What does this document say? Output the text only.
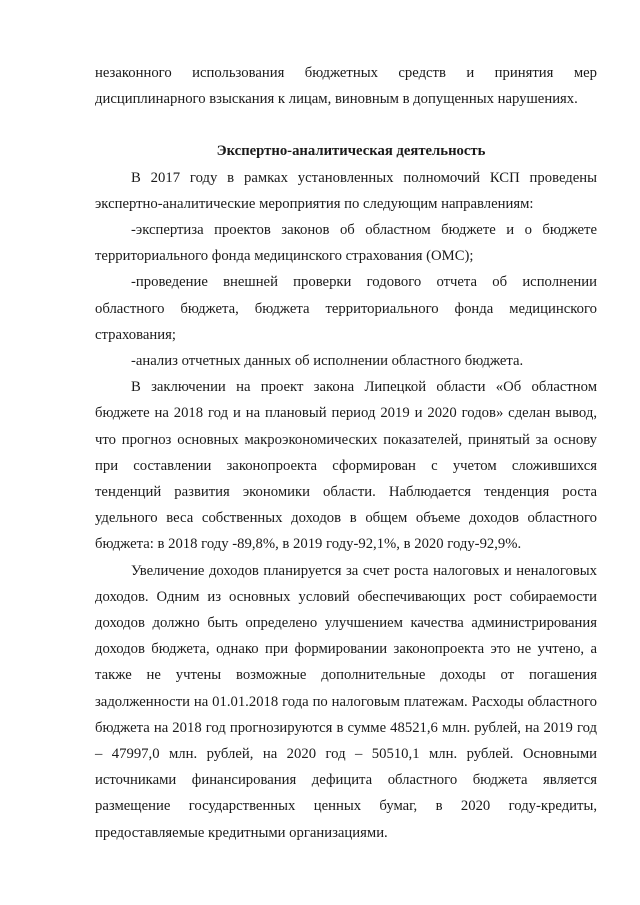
незаконного использования бюджетных средств и принятия мер дисциплинарного взыскания к лицам, виновным в допущенных нарушениях.

Экспертно-аналитическая деятельность

В 2017 году в рамках установленных полномочий КСП проведены экспертно-аналитические мероприятия по следующим направлениям:

-экспертиза проектов законов об областном бюджете и о бюджете территориального фонда медицинского страхования (ОМС);

-проведение внешней проверки годового отчета об исполнении областного бюджета, бюджета территориального фонда медицинского страхования;

-анализ отчетных данных об исполнении областного бюджета.

В заключении на проект закона Липецкой области «Об областном бюджете на 2018 год и на плановый период 2019 и 2020 годов» сделан вывод, что прогноз основных макроэкономических показателей, принятый за основу при составлении законопроекта сформирован с учетом сложившихся тенденций развития экономики области. Наблюдается тенденция роста удельного веса собственных доходов в общем объеме доходов областного бюджета: в 2018 году -89,8%, в 2019 году-92,1%, в 2020 году-92,9%.

Увеличение доходов планируется за счет роста налоговых и неналоговых доходов. Одним из основных условий обеспечивающих рост собираемости доходов должно быть определено улучшением качества администрирования доходов бюджета, однако при формировании законопроекта это не учтено, а также не учтены возможные дополнительные доходы от погашения задолженности на 01.01.2018 года по налоговым платежам. Расходы областного бюджета на 2018 год прогнозируются в сумме 48521,6 млн. рублей, на 2019 год – 47997,0 млн. рублей, на 2020 год – 50510,1 млн. рублей. Основными источниками финансирования дефицита областного бюджета является размещение государственных ценных бумаг, в 2020 году-кредиты, предоставляемые кредитными организациями.
